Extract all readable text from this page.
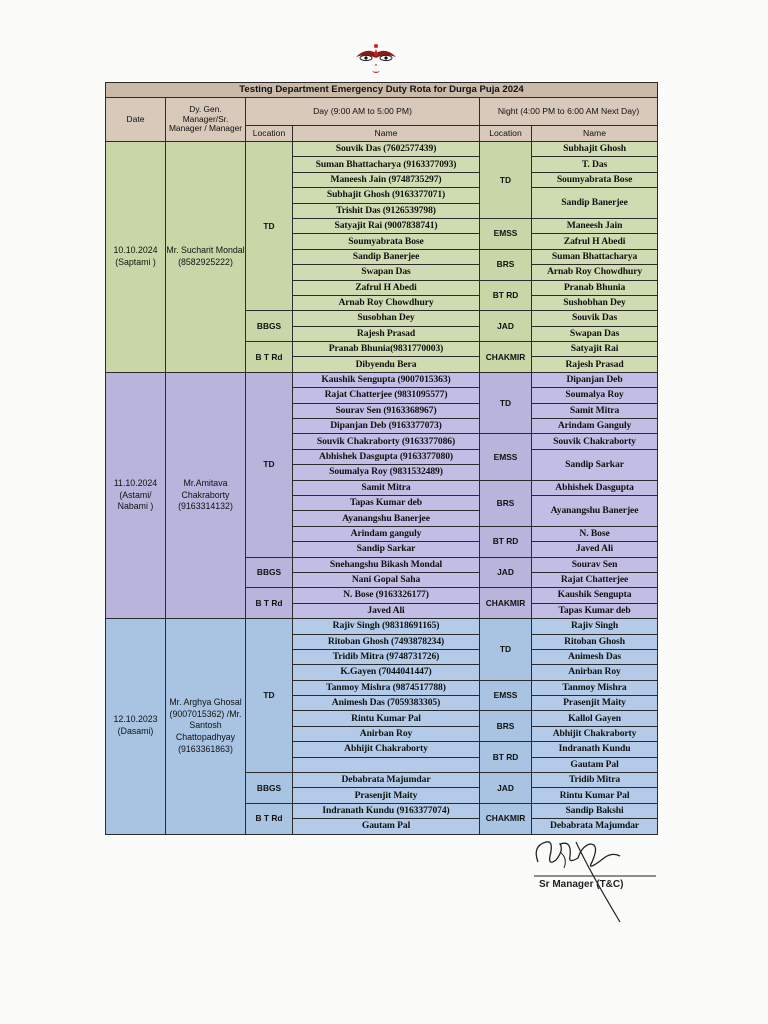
Testing Department Emergency Duty Rota for Durga Puja 2024					
Date	Dy. Gen. Manager/Sr. Manager / Manager	Day (9:00 AM to 5:00 PM)		Night (4:00 PM to 6:00 AM Next Day)	
		Location	Name	Location	Name
10.10.2024 (Saptami )	Mr. Sucharit Mondal (8582925222)	TD	Souvik Das (7602577439)	TD	Subhajit Ghosh
			Suman Bhattacharya (9163377093)		T. Das
			Maneesh Jain (9748735297)		Soumyabrata Bose
			Subhajit Ghosh (9163377071)		Sandip Banerjee
			Trishit Das (9126539798)		
			Satyajit Rai (9007838741)	EMSS	Maneesh Jain
			Soumyabrata Bose		Zafrul H Abedi
			Sandip Banerjee	BRS	Suman Bhattacharya
			Swapan Das		Arnab Roy Chowdhury
			Zafrul H Abedi	BT RD	Pranab Bhunia
			Arnab Roy Chowdhury		Sushobhan Dey
		BBGS	Susobhan Dey	JAD	Souvik Das
			Rajesh Prasad		Swapan Das
		B T Rd	Pranab Bhunia(9831770003)	CHAKMIR	Satyajit Rai
			Dibyendu Bera		Rajesh Prasad
11.10.2024 (Astami/ Nabami )	Mr.Amitava Chakraborty (9163314132)	TD	Kaushik Sengupta (9007015363)	TD	Dipanjan Deb
			Rajat Chatterjee (9831095577)		Soumalya Roy
			Sourav Sen (9163368967)		Samit Mitra
			Dipanjan Deb (9163377073)		Arindam Ganguly
			Souvik Chakraborty (9163377086)	EMSS	Souvik Chakraborty
			Abhishek Dasgupta (9163377080)		Sandip Sarkar
			Soumalya Roy (9831532489)		
			Samit Mitra	BRS	Abhishek Dasgupta
			Tapas Kumar deb		Ayanangshu Banerjee
			Ayanangshu Banerjee		
			Arindam ganguly	BT RD	N. Bose
			Sandip Sarkar		Javed Ali
		BBGS	Snehangshu Bikash Mondal	JAD	Sourav Sen
			Nani Gopal Saha		Rajat Chatterjee
		B T Rd	N. Bose (9163326177)	CHAKMIR	Kaushik Sengupta
			Javed Ali		Tapas Kumar deb
12.10.2023 (Dasami)	Mr. Arghya Ghosal (9007015362) /Mr. Santosh Chattopadhyay (9163361863)	TD	Rajiv Singh (98318691165)	TD	Rajiv Singh
			Ritoban Ghosh (7493878234)		Ritoban Ghosh
			Tridib Mitra (9748731726)		Animesh Das
			K.Gayen (7044041447)		Anirban Roy
			Tanmoy Mishra (9874517788)	EMSS	Tanmoy Mishra
			Animesh Das (7059383305)		Prasenjit Maity
			Rintu Kumar Pal	BRS	Kallol Gayen
			Anirban Roy		Abhijit Chakraborty
			Abhijit Chakraborty	BT RD	Indranath Kundu
					Gautam Pal
		BBGS	Debabrata Majumdar	JAD	Tridib Mitra
			Prasenjit Maity		Rintu Kumar Pal
		B T Rd	Indranath Kundu (9163377074)	CHAKMIR	Sandip Bakshi
			Gautam Pal		Debabrata Majumdar
Sr Manager (T&C)
